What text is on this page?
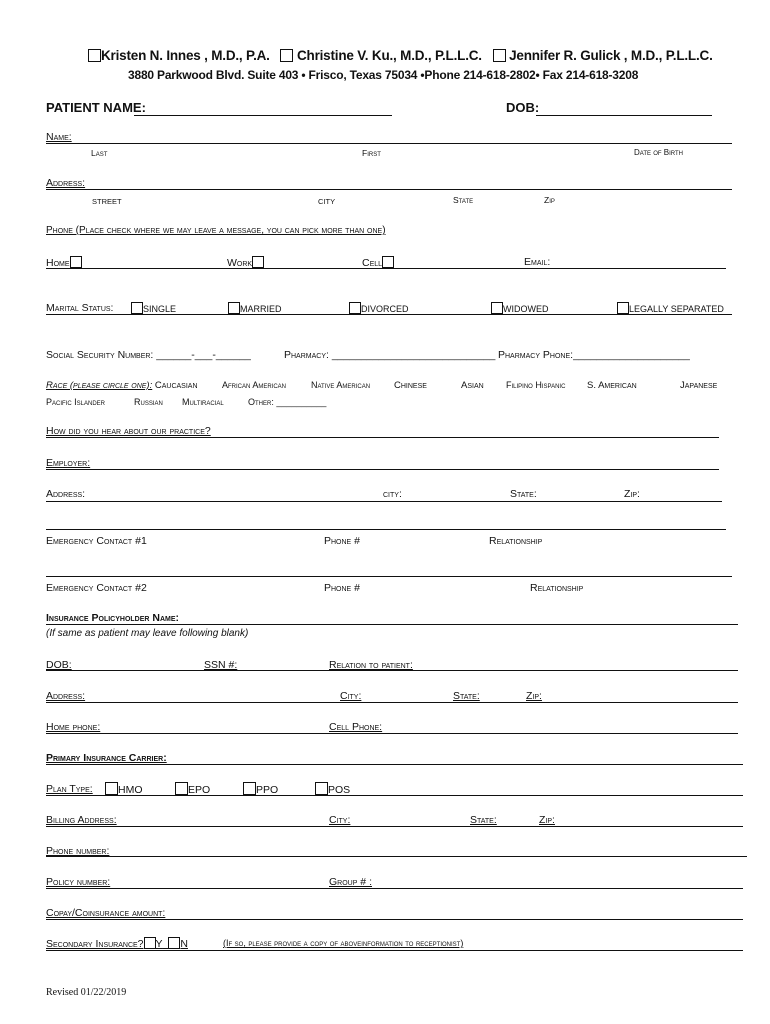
Kristen N. Innes , M.D., P.A. Christine V. Ku., M.D., P.L.L.C. Jennifer R. Gulick , M.D., P.L.L.C.
3880 Parkwood Blvd. Suite 403 • Frisco, Texas 75034 •Phone 214-618-2802• Fax 214-618-3208
PATIENT NAME:	DOB:
Name:
Last	First	Date of Birth
Address:
STREET	CITY	State	Zip
Phone (Place check where we may leave a message, you can pick more than one)
Home	Work	Cell	Email:
Marital Status:	SINGLE	MARRIED	DIVORCED	WIDOWED	LEGALLY SEPARATED
Social Security Number: ______-___-______	Pharmacy: ____________________________ Pharmacy Phone:____________________
Race (please circle one): Caucasian	African American	Native American	Chinese	Asian Filipino Hispanic S. American	Japanese
Pacific Islander	Russian Multiracial	Other: __________
How did you hear about our practice?
Employer:
Address:	city:	State:	Zip:
Emergency Contact #1	Phone #	Relationship
Emergency Contact #2	Phone #	Relationship
Insurance Policyholder Name:
(If same as patient may leave following blank)
DOB:	SSN #:	Relation to patient:
Address:	City:	State:	Zip:
Home phone:	Cell Phone:
Primary Insurance Carrier:
Plan Type:	HMO	EPO	PPO	POS
Billing Address:	City:	State:	Zip:
Phone number:
Policy number:	Group # :
Copay/Coinsurance amount:
Secondary Insurance? Y N	(If so, please provide a copy of aboveinformation to receptionist)
Revised 01/22/2019
